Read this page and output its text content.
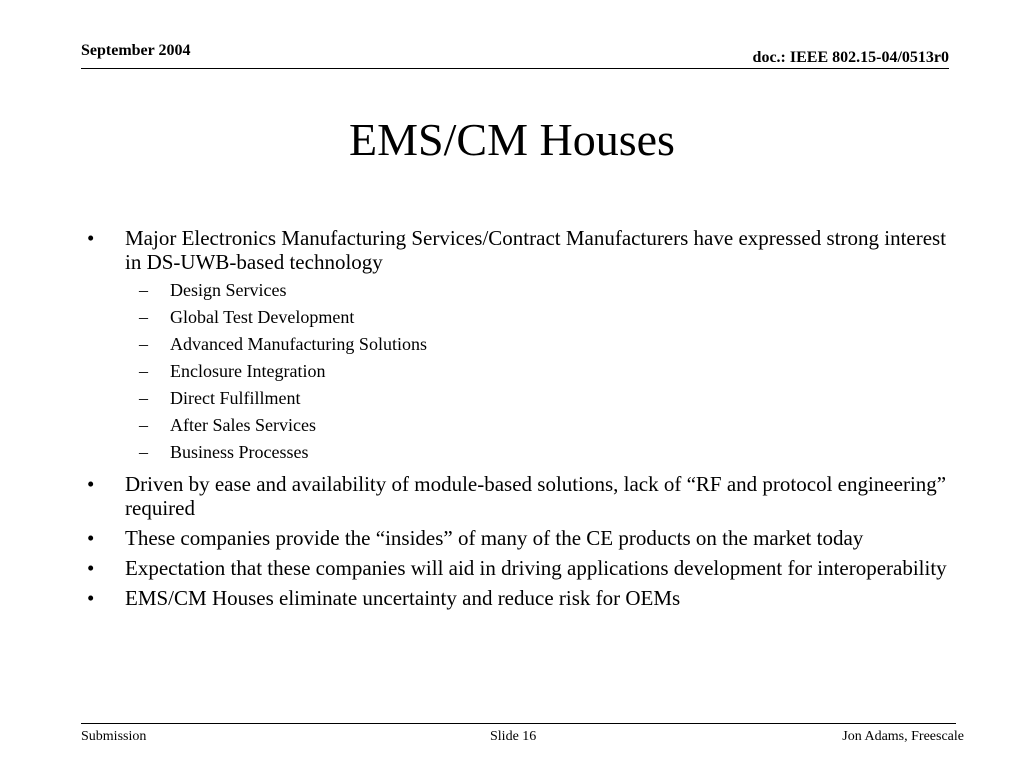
September 2004	doc.: IEEE 802.15-04/0513r0
EMS/CM Houses
• Major Electronics Manufacturing Services/Contract Manufacturers have expressed strong interest in DS-UWB-based technology
– Design Services
– Global Test Development
– Advanced Manufacturing Solutions
– Enclosure Integration
– Direct Fulfillment
– After Sales Services
– Business Processes
• Driven by ease and availability of module-based solutions, lack of “RF and protocol engineering” required
• These companies provide the “insides” of many of the CE products on the market today
• Expectation that these companies will aid in driving applications development for interoperability
• EMS/CM Houses eliminate uncertainty and reduce risk for OEMs
Submission	Slide 16	Jon Adams, Freescale
